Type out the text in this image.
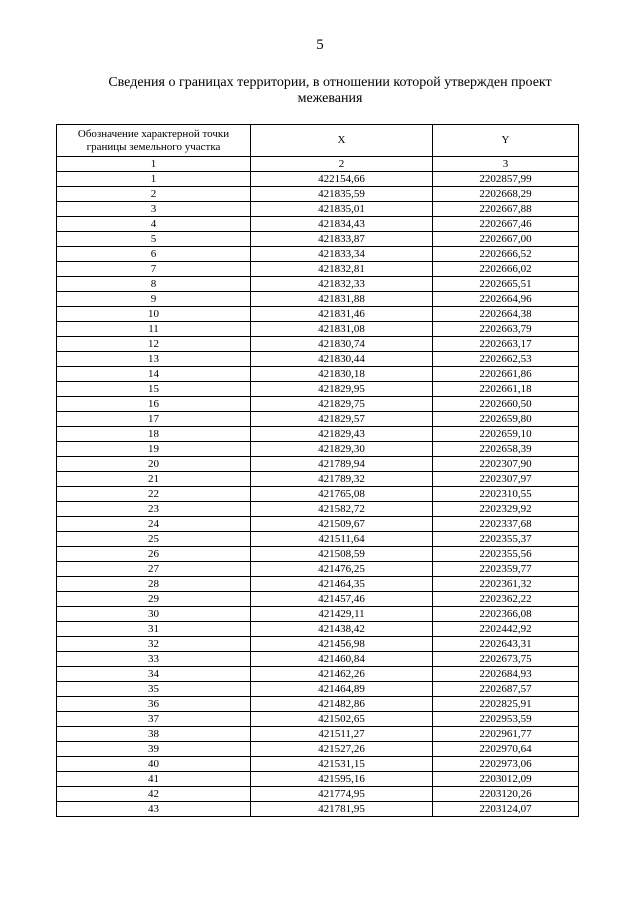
5
Сведения о границах территории, в отношении которой утвержден проект межевания
Обозначение характерной точки границы земельного участка	X	Y
1	2	3
1	422154,66	2202857,99
2	421835,59	2202668,29
3	421835,01	2202667,88
4	421834,43	2202667,46
5	421833,87	2202667,00
6	421833,34	2202666,52
7	421832,81	2202666,02
8	421832,33	2202665,51
9	421831,88	2202664,96
10	421831,46	2202664,38
11	421831,08	2202663,79
12	421830,74	2202663,17
13	421830,44	2202662,53
14	421830,18	2202661,86
15	421829,95	2202661,18
16	421829,75	2202660,50
17	421829,57	2202659,80
18	421829,43	2202659,10
19	421829,30	2202658,39
20	421789,94	2202307,90
21	421789,32	2202307,97
22	421765,08	2202310,55
23	421582,72	2202329,92
24	421509,67	2202337,68
25	421511,64	2202355,37
26	421508,59	2202355,56
27	421476,25	2202359,77
28	421464,35	2202361,32
29	421457,46	2202362,22
30	421429,11	2202366,08
31	421438,42	2202442,92
32	421456,98	2202643,31
33	421460,84	2202673,75
34	421462,26	2202684,93
35	421464,89	2202687,57
36	421482,86	2202825,91
37	421502,65	2202953,59
38	421511,27	2202961,77
39	421527,26	2202970,64
40	421531,15	2202973,06
41	421595,16	2203012,09
42	421774,95	2203120,26
43	421781,95	2203124,07
